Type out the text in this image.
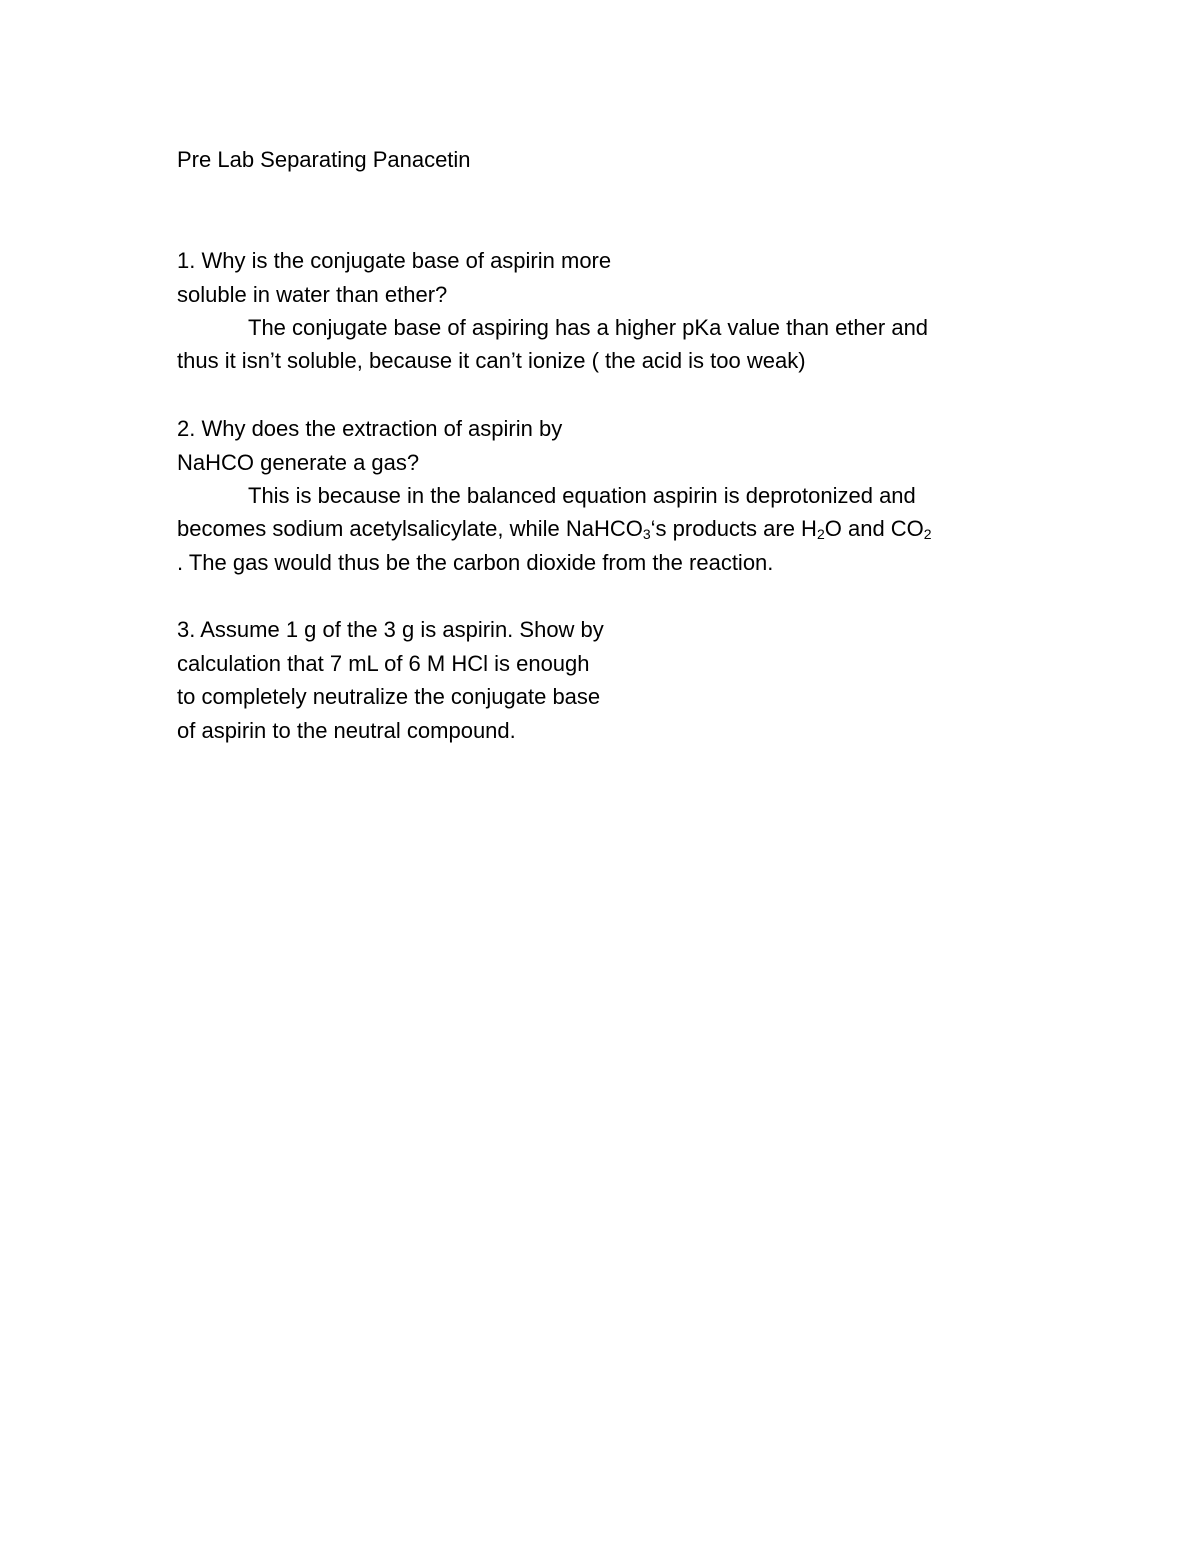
Pre Lab Separating Panacetin
1. Why is the conjugate base of aspirin more
soluble in water than ether?
The conjugate base of aspiring has a higher pKa value than ether and
thus it isn’t soluble, because it can’t ionize ( the acid is too weak)
2. Why does the extraction of aspirin by
NaHCO generate a gas?
This is because in the balanced equation aspirin is deprotonized and
becomes sodium acetylsalicylate, while NaHCO$_3$‘s products are $H_2O$ and $CO_2$
. The gas would thus be the carbon dioxide from the reaction.
3. Assume 1 g of the 3 g is aspirin. Show by
calculation that 7 mL of 6 M HCl is enough
to completely neutralize the conjugate base
of aspirin to the neutral compound.
